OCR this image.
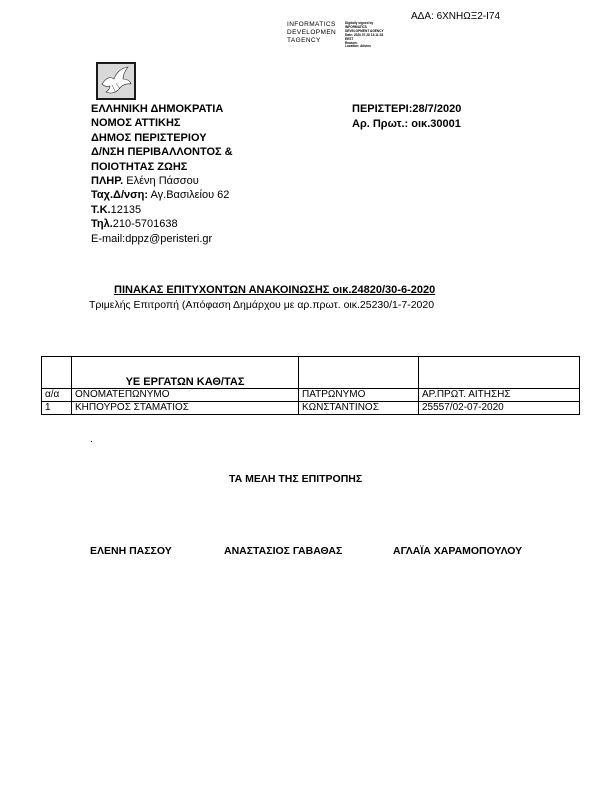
ΑΔΑ: 6ΧΝΗΩΞ2-Ι74
INFORMATICS
DEVELOPMEN
TAGENCY
Digitally signed by
INFORMATICS
DEVELOPMENT AGENCY
Date: 2020.07.28 13:11:33
EEST
Reason:
Location: Athens
ΕΛΛΗΝΙΚΗ ΔΗΜΟΚΡΑΤΙΑ
ΝΟΜΟΣ ΑΤΤΙΚΗΣ
ΔΗΜΟΣ ΠΕΡΙΣΤΕΡΙΟΥ
Δ/ΝΣΗ ΠΕΡΙΒΑΛΛΟΝΤΟΣ &
ΠΟΙΟΤΗΤΑΣ ΖΩΗΣ
ΠΛΗΡ. Ελένη Πάσσου
Ταχ.Δ/νση: Αγ.Βασιλείου 62
Τ.Κ.12135
Τηλ.210-5701638
E-mail:dppz@peristeri.gr
ΠΕΡΙΣΤΕΡΙ:28/7/2020
Αρ. Πρωτ.: οικ.30001
ΠΙΝΑΚΑΣ ΕΠΙΤΥΧΟΝΤΩΝ ΑΝΑΚΟΙΝΩΣΗΣ οικ.24820/30-6-2020
Τριμελής Επιτροπή (Απόφαση Δημάρχου με αρ.πρωτ. οικ.25230/1-7-2020
	ΥΕ ΕΡΓΑΤΩΝ ΚΑΘ/ΤΑΣ		
α/α	ΟΝΟΜΑΤΕΠΩΝΥΜΟ	ΠΑΤΡΩΝΥΜΟ	ΑΡ.ΠΡΩΤ. ΑΙΤΗΣΗΣ
1	ΚΗΠΟΥΡΟΣ ΣΤΑΜΑΤΙΟΣ	ΚΩΝΣΤΑΝΤΙΝΟΣ	25557/02-07-2020
.
ΤΑ ΜΕΛΗ ΤΗΣ ΕΠΙΤΡΟΠΗΣ
ΕΛΕΝΗ ΠΑΣΣΟΥ	ΑΝΑΣΤΑΣΙΟΣ ΓΑΒΑΘΑΣ	ΑΓΛΑΪΑ ΧΑΡΑΜΟΠΟΥΛΟΥ
